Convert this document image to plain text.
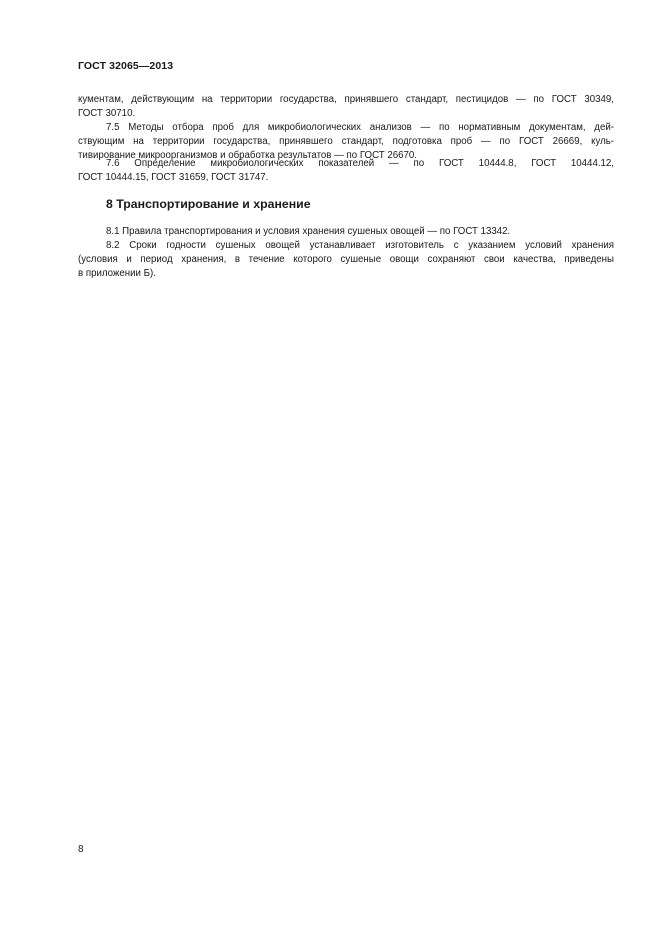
ГОСТ 32065—2013
кументам, действующим на территории государства, принявшего стандарт, пестицидов — по ГОСТ 30349,
ГОСТ 30710.
7.5 Методы отбора проб для микробиологических анализов — по нормативным документам, дей-
ствующим на территории государства, принявшего стандарт, подготовка проб — по ГОСТ 26669, куль-
тивирование микроорганизмов и обработка результатов — по ГОСТ 26670.
7.6 Определение микробиологических показателей — по ГОСТ 10444.8, ГОСТ 10444.12,
ГОСТ 10444.15, ГОСТ 31659, ГОСТ 31747.
8 Транспортирование и хранение
8.1 Правила транспортирования и условия хранения сушеных овощей — по ГОСТ 13342.
8.2 Сроки годности сушеных овощей устанавливает изготовитель с указанием условий хранения
(условия и период хранения, в течение которого сушеные овощи сохраняют свои качества, приведены
в приложении Б).
8
